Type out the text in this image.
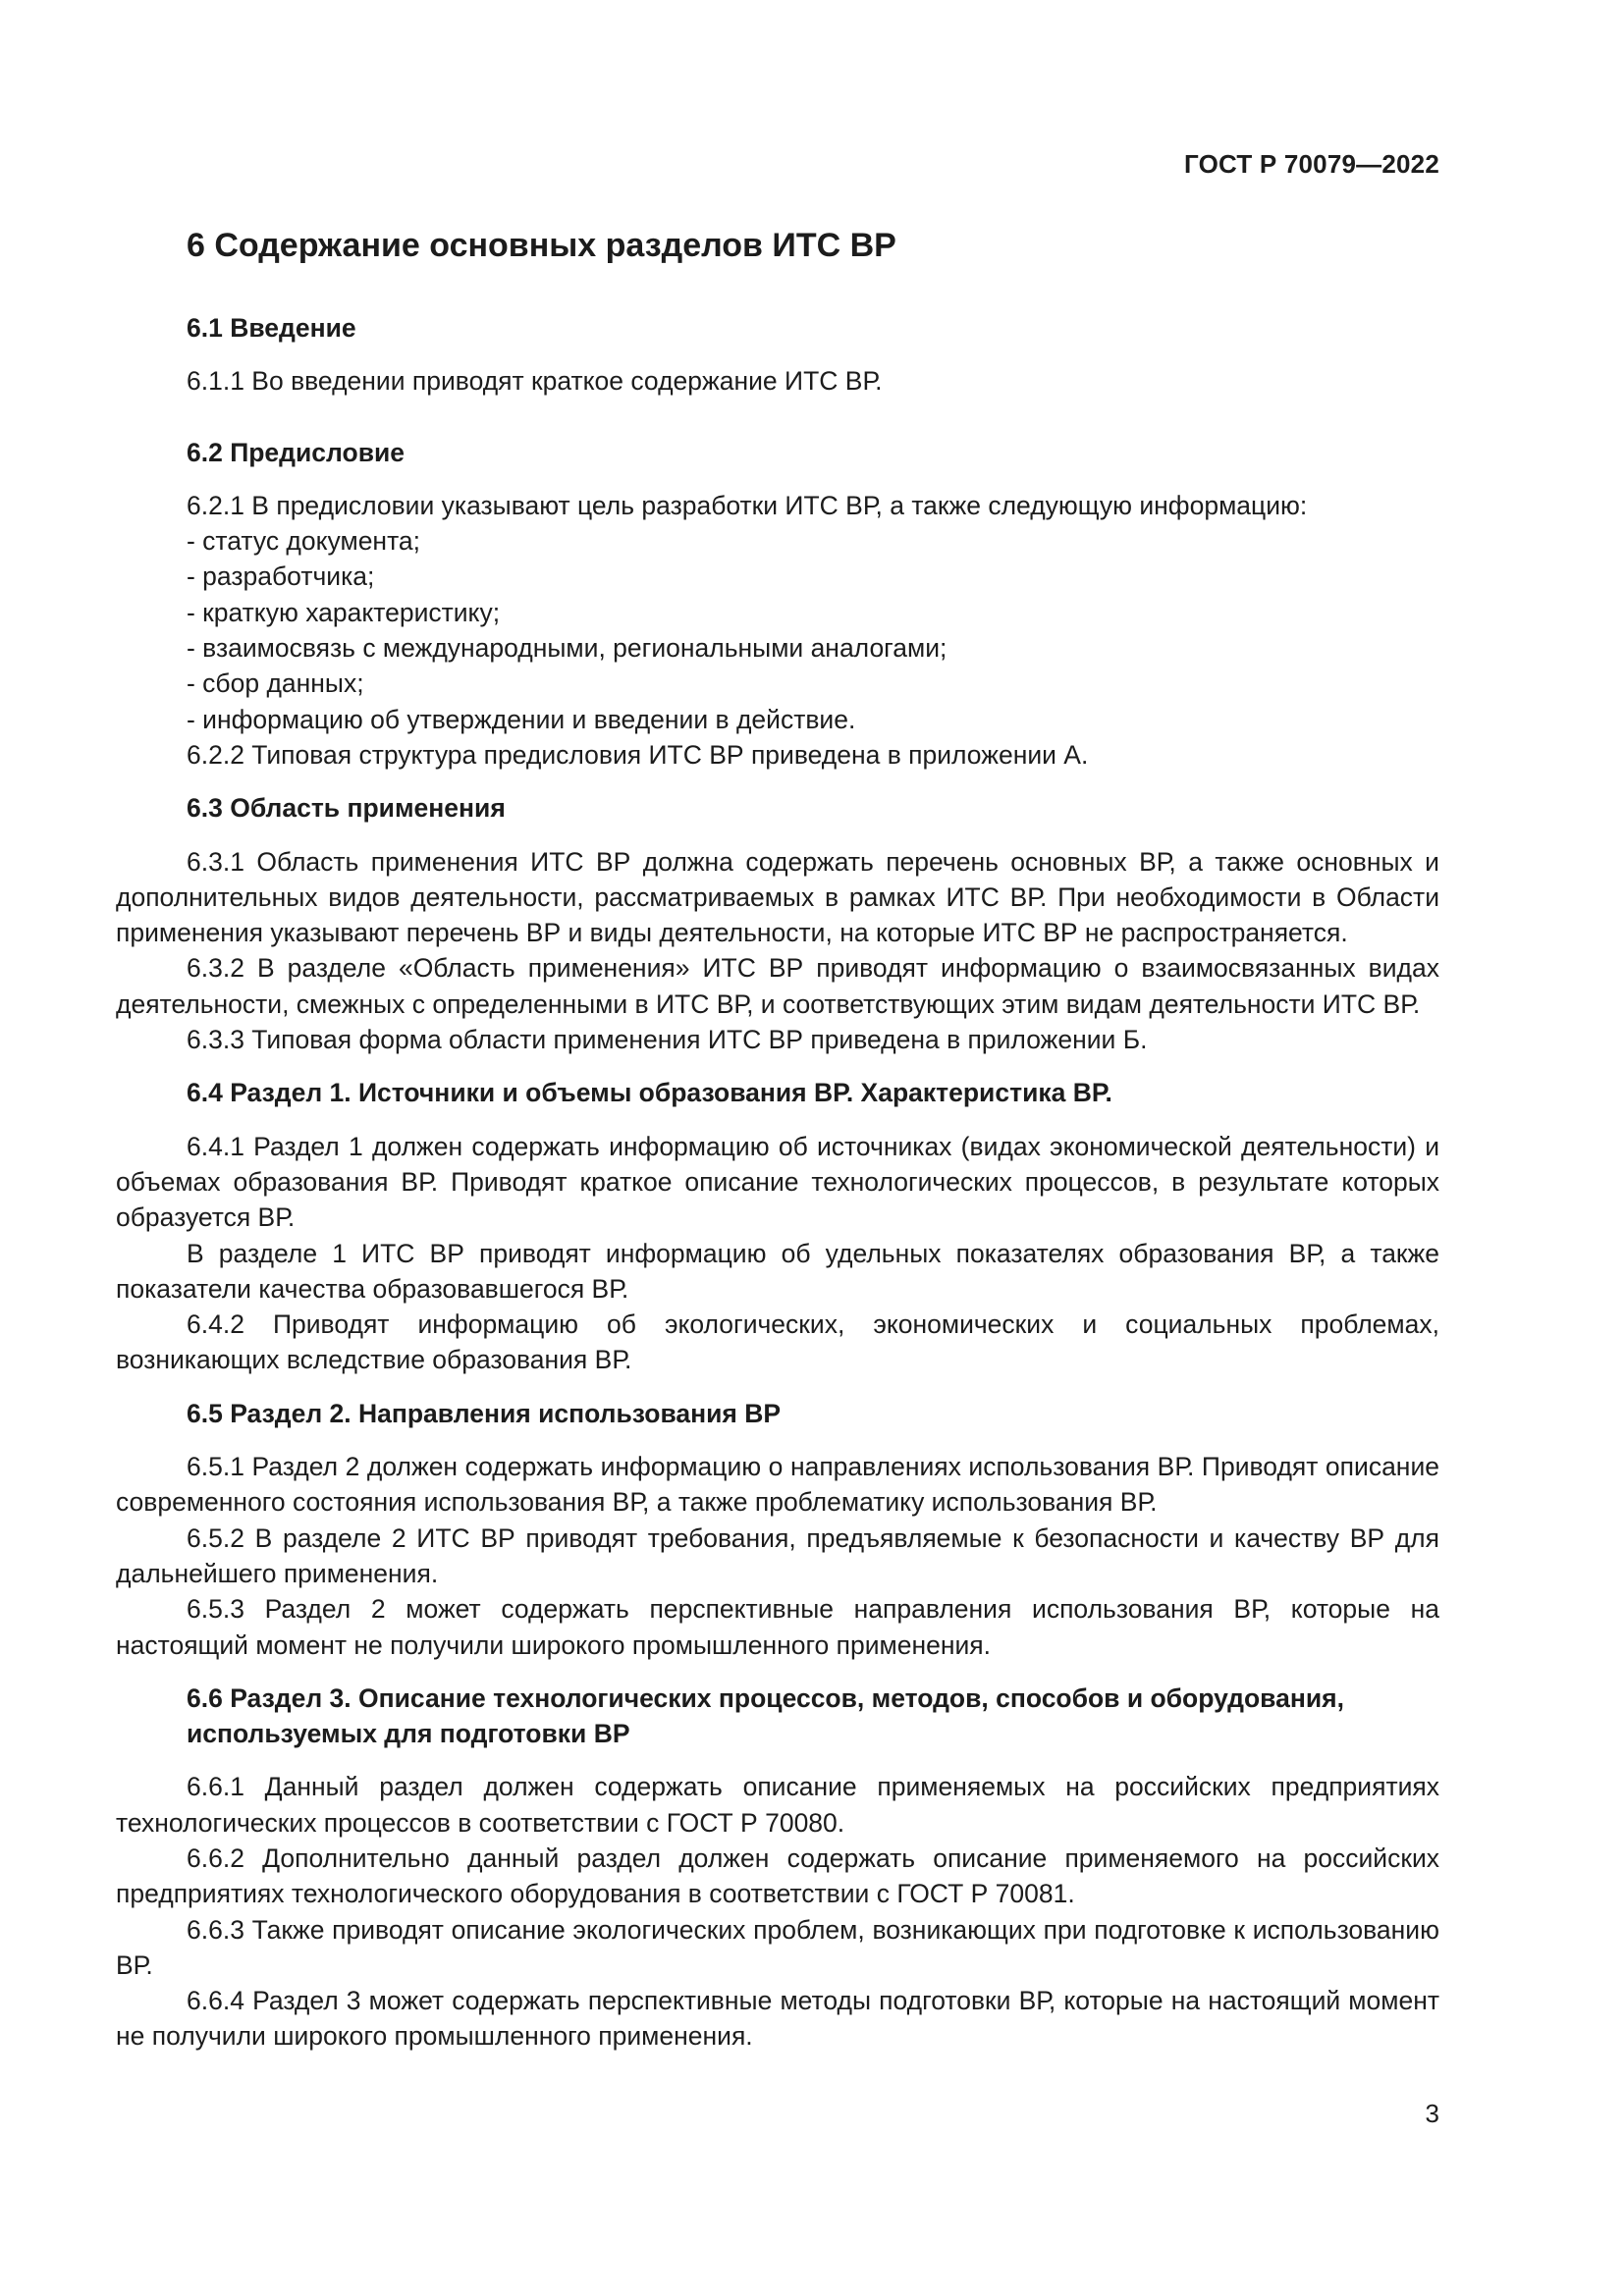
ГОСТ Р 70079—2022
6 Содержание основных разделов ИТС ВР
6.1 Введение
6.1.1 Во введении приводят краткое содержание ИТС ВР.
6.2 Предисловие
6.2.1 В предисловии указывают цель разработки ИТС ВР, а также следующую информацию:
- статус документа;
- разработчика;
- краткую характеристику;
- взаимосвязь с международными, региональными аналогами;
- сбор данных;
- информацию об утверждении и введении в действие.
6.2.2 Типовая структура предисловия ИТС ВР приведена в приложении А.
6.3 Область применения
6.3.1 Область применения ИТС ВР должна содержать перечень основных ВР, а также основных и дополнительных видов деятельности, рассматриваемых в рамках ИТС ВР. При необходимости в Области применения указывают перечень ВР и виды деятельности, на которые ИТС ВР не распространяется.
6.3.2 В разделе «Область применения» ИТС ВР приводят информацию о взаимосвязанных видах деятельности, смежных с определенными в ИТС ВР, и соответствующих этим видам деятельности ИТС ВР.
6.3.3 Типовая форма области применения ИТС ВР приведена в приложении Б.
6.4 Раздел 1. Источники и объемы образования ВР. Характеристика ВР.
6.4.1 Раздел 1 должен содержать информацию об источниках (видах экономической деятельности) и объемах образования ВР. Приводят краткое описание технологических процессов, в результате которых образуется ВР.
В разделе 1 ИТС ВР приводят информацию об удельных показателях образования ВР, а также показатели качества образовавшегося ВР.
6.4.2 Приводят информацию об экологических, экономических и социальных проблемах, возникающих вследствие образования ВР.
6.5 Раздел 2. Направления использования ВР
6.5.1 Раздел 2 должен содержать информацию о направлениях использования ВР. Приводят описание современного состояния использования ВР, а также проблематику использования ВР.
6.5.2 В разделе 2 ИТС ВР приводят требования, предъявляемые к безопасности и качеству ВР для дальнейшего применения.
6.5.3 Раздел 2 может содержать перспективные направления использования ВР, которые на настоящий момент не получили широкого промышленного применения.
6.6 Раздел 3. Описание технологических процессов, методов, способов и оборудования, используемых для подготовки ВР
6.6.1 Данный раздел должен содержать описание применяемых на российских предприятиях технологических процессов в соответствии с ГОСТ Р 70080.
6.6.2 Дополнительно данный раздел должен содержать описание применяемого на российских предприятиях технологического оборудования в соответствии с ГОСТ Р 70081.
6.6.3 Также приводят описание экологических проблем, возникающих при подготовке к использованию ВР.
6.6.4 Раздел 3 может содержать перспективные методы подготовки ВР, которые на настоящий момент не получили широкого промышленного применения.
3
